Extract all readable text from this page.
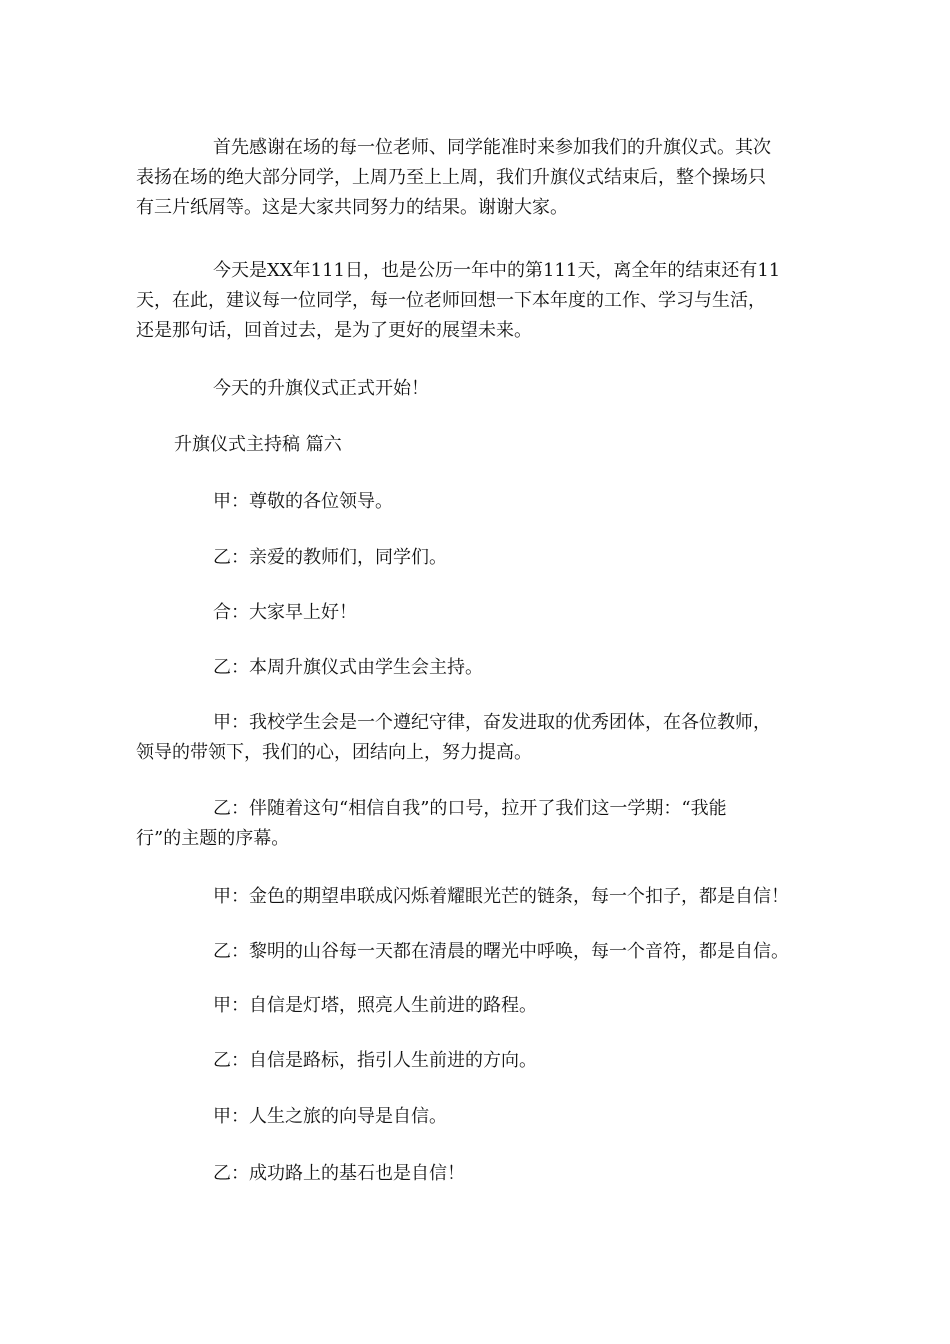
首先感谢在场的每一位老师、同学能准时来参加我们的升旗仪式。其次
表扬在场的绝大部分同学，上周乃至上上周，我们升旗仪式结束后，整个操场只
有三片纸屑等。这是大家共同努力的结果。谢谢大家。
今天是XX年111日，也是公历一年中的第111天，离全年的结束还有11
天，在此，建议每一位同学，每一位老师回想一下本年度的工作、学习与生活，
还是那句话，回首过去，是为了更好的展望未来。
今天的升旗仪式正式开始！
升旗仪式主持稿 篇六
甲：尊敬的各位领导。
乙：亲爱的教师们，同学们。
合：大家早上好！
乙：本周升旗仪式由学生会主持。
甲：我校学生会是一个遵纪守律，奋发进取的优秀团体，在各位教师，
领导的带领下，我们的心，团结向上，努力提高。
乙：伴随着这句“相信自我”的口号，拉开了我们这一学期：“我能
行”的主题的序幕。
甲：金色的期望串联成闪烁着耀眼光芒的链条，每一个扣子，都是自信！
乙：黎明的山谷每一天都在清晨的曙光中呼唤，每一个音符，都是自信。
甲：自信是灯塔，照亮人生前进的路程。
乙：自信是路标，指引人生前进的方向。
甲：人生之旅的向导是自信。
乙：成功路上的基石也是自信！
